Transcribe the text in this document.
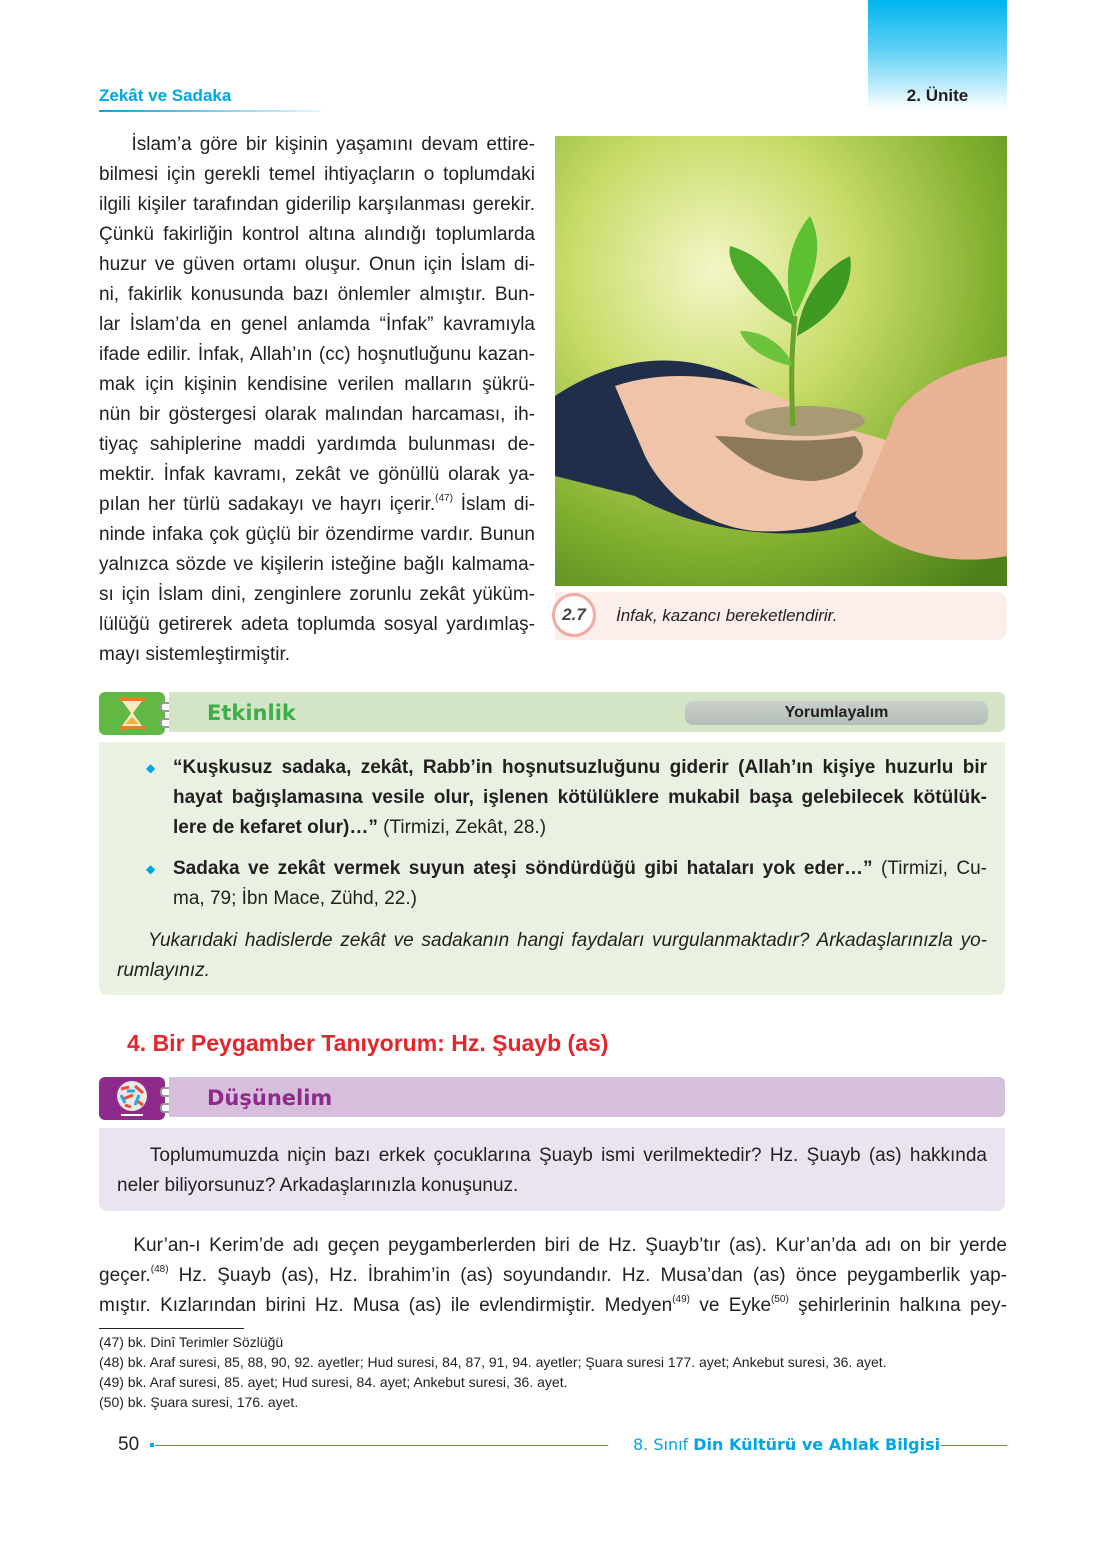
2. Ünite
Zekât ve Sadaka
İslam’a göre bir kişinin yaşamını devam ettire-
bilmesi için gerekli temel ihtiyaçların o toplumdaki
ilgili kişiler tarafından giderilip karşılanması gerekir.
Çünkü fakirliğin kontrol altına alındığı toplumlarda
huzur ve güven ortamı oluşur. Onun için İslam di-
ni, fakirlik konusunda bazı önlemler almıştır. Bun-
lar İslam’da en genel anlamda “İnfak” kavramıyla
ifade edilir. İnfak, Allah’ın (cc) hoşnutluğunu kazan-
mak için kişinin kendisine verilen malların şükrü-
nün bir göstergesi olarak malından harcaması, ih-
tiyaç sahiplerine maddi yardımda bulunması de-
mektir. İnfak kavramı, zekât ve gönüllü olarak ya-
pılan her türlü sadakayı ve hayrı içerir.$^{(47)}$ İslam di-
ninde infaka çok güçlü bir özendirme vardır. Bunun
yalnızca sözde ve kişilerin isteğine bağlı kalmama-
sı için İslam dini, zenginlere zorunlu zekât yüküm-
lülüğü getirerek adeta toplumda sosyal yardımlaş-
mayı sistemleştirmiştir.
2.7	İnfak, kazancı bereketlendirir.
Etkinlik	Yorumlayalım
◆ “Kuşkusuz sadaka, zekât, Rabb’in hoşnutsuzluğunu giderir (Allah’ın kişiye huzurlu bir
hayat bağışlamasına vesile olur, işlenen kötülüklere mukabil başa gelebilecek kötülük-
lere de kefaret olur)…” (Tirmizi, Zekât, 28.)
◆ Sadaka ve zekât vermek suyun ateşi söndürdüğü gibi hataları yok eder…” (Tirmizi, Cu-
ma, 79; İbn Mace, Zühd, 22.)
Yukarıdaki hadislerde zekât ve sadakanın hangi faydaları vurgulanmaktadır? Arkadaşlarınızla yo-
rumlayınız.
4. Bir Peygamber Tanıyorum: Hz. Şuayb (as)
Düşünelim
Toplumumuzda niçin bazı erkek çocuklarına Şuayb ismi verilmektedir? Hz. Şuayb (as) hakkında
neler biliyorsunuz? Arkadaşlarınızla konuşunuz.
Kur’an-ı Kerim’de adı geçen peygamberlerden biri de Hz. Şuayb’tır (as). Kur’an’da adı on bir yerde
geçer.$^{(48)}$ Hz. Şuayb (as), Hz. İbrahim’in (as) soyundandır. Hz. Musa’dan (as) önce peygamberlik yap-
mıştır. Kızlarından birini Hz. Musa (as) ile evlendirmiştir. Medyen$^{(49)}$ ve Eyke$^{(50)}$ şehirlerinin halkına pey-
(47) bk. Dinî Terimler Sözlüğü
(48) bk. Araf suresi, 85, 88, 90, 92. ayetler; Hud suresi, 84, 87, 91, 94. ayetler; Şuara suresi 177. ayet; Ankebut suresi, 36. ayet.
(49) bk. Araf suresi, 85. ayet; Hud suresi, 84. ayet; Ankebut suresi, 36. ayet.
(50) bk. Şuara suresi, 176. ayet.
50	8. Sınıf Din Kültürü ve Ahlak Bilgisi
